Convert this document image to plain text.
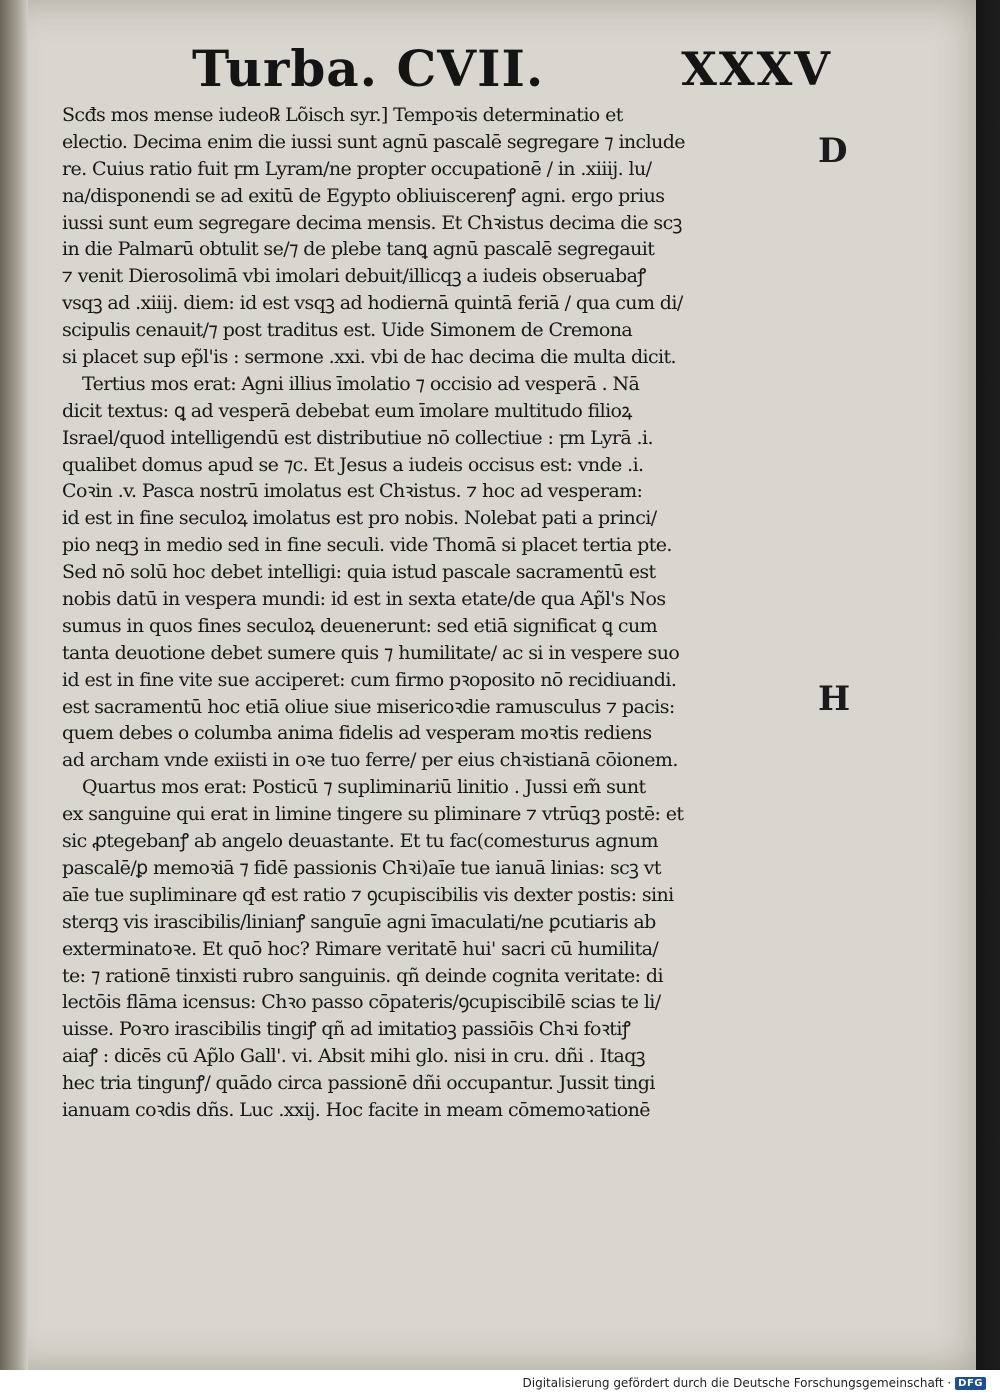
Turba. CVII.	XXXV
Scđs mos mense iudeo℞ Lõisch syr.] Tempoꝛis determinatio et
electio. Decima enim die iussi sunt agnū pascalē segregare ⁊ include
re. Cuius ratio fuit ꝼm Lyram/ne propter occupationē / in .xiiij. lu/
na/disponendi se ad exitū de Egypto obliuiscerenꝭ agni. ergo prius
iussi sunt eum segregare decima mensis. Et Chꝛistus decima die scꝫ
in die Palmarū obtulit se/⁊ de plebe tanꝗ agnū pascalē segregauit
⁊ venit Dierosolimā vbi imolari debuit/illicqꝫ a iudeis obseruabaꝭ
vsqꝫ ad .xiiij. diem: id est vsqꝫ ad hodiernā quintā feriā / qua cum di/
scipulis cenauit/⁊ post traditus est. Uide Simonem de Cremona
si placet sup ep̃l'is : sermone .xxi. vbi de hac decima die multa dicit.
Tertius mos erat: Agni illius īmolatio ⁊ occisio ad vesperā . Nā
dicit textus: ꝗ ad vesperā debebat eum īmolare multitudo filioꝝ
Israel/quod intelligendū est distributiue nō collectiue : ꝼm Lyrā .i.
qualibet domus apud se ⁊c. Et Jesus a iudeis occisus est: vnde .i.
Coꝛin .v. Pasca nostrū imolatus est Chꝛistus. ⁊ hoc ad vesperam:
id est in fine seculoꝝ imolatus est pro nobis. Nolebat pati a princi/
pio neqꝫ in medio sed in fine seculi. vide Thomā si placet tertia pte.
Sed nō solū hoc debet intelligi: quia istud pascale sacramentū est
nobis datū in vespera mundi: id est in sexta etate/de qua Ap̃l's Nos
sumus in quos fines seculoꝝ deuenerunt: sed etiā significat ꝗ cum
tanta deuotione debet sumere quis ⁊ humilitate/ ac si in vespere suo
id est in fine vite sue acciperet: cum firmo pꝛoposito nō recidiuandi.
est sacramentū hoc etiā oliue siue misericoꝛdie ramusculus ⁊ pacis:
quem debes o columba anima fidelis ad vesperam moꝛtis rediens
ad archam vnde exiisti in oꝛe tuo ferre/ per eius chꝛistianā cōionem.
Quartus mos erat: Posticū ⁊ supliminariū linitio . Jussi em̃ sunt
ex sanguine qui erat in limine tingere su pliminare ⁊ vtrūqꝫ postē: et
sic ꝓtegebanꝭ ab angelo deuastante. Et tu fac(comesturus agnum
pascalē/ꝑ memoꝛiā ⁊ fidē passionis Chꝛi)aīe tue ianuā linias: scꝫ vt
aīe tue supliminare qđ est ratio ⁊ ꝯcupiscibilis vis dexter postis: sini
sterqꝫ vis irascibilis/linianꝭ sanguīe agni īmaculati/ne ꝑcutiaris ab
exterminatoꝛe. Et quō hoc? Rimare veritatē hui' sacri cū humilita/
te: ⁊ rationē tinxisti rubro sanguinis. qñ deinde cognita veritate: di
lectōis flāma icensus: Chꝛo passo cōpateris/ꝯcupiscibilē scias te li/
uisse. Poꝛro irascibilis tingiꝭ qñ ad imitatioꝫ passiōis Chꝛi foꝛtiꝭ
aiaꝭ : dicēs cū Ap̃lo Gall'. vi. Absit mihi glo. nisi in cru. dñi . Itaqꝫ
hec tria tingunꝭ/ quādo circa passionē dñi occupantur. Jussit tingi
ianuam coꝛdis dñs. Luc .xxij. Hoc facite in meam cōmemoꝛationē
D
H
Digitalisierung gefördert durch die Deutsche Forschungsgemeinschaft · DFG
